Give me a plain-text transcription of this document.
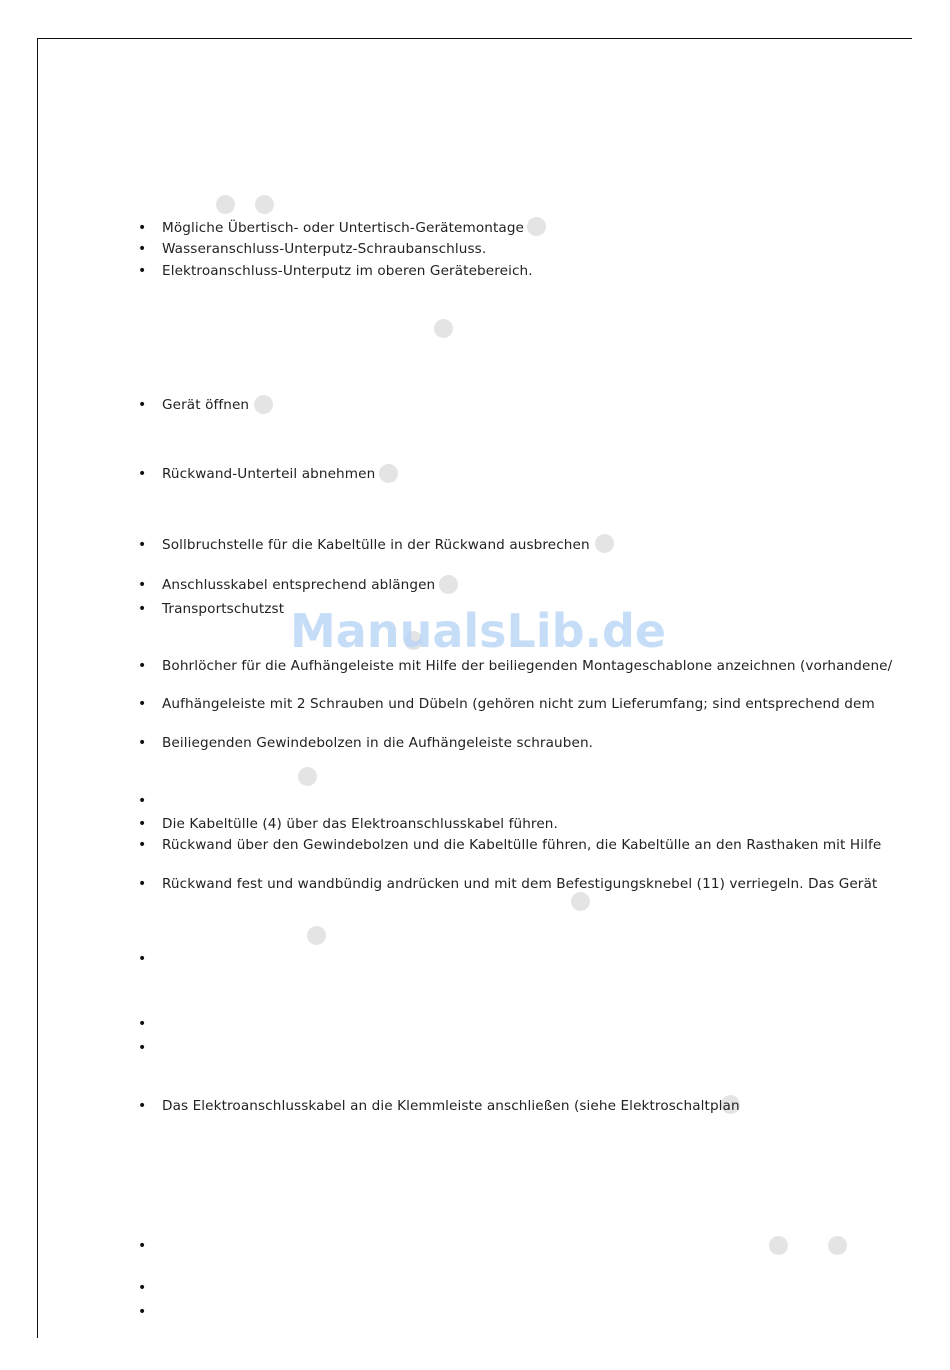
ManualsLib.de
• Mögliche Übertisch- oder Untertisch-Gerätemontage
• Wasseranschluss-Unterputz-Schraubanschluss.
• Elektroanschluss-Unterputz im oberen Gerätebereich.
• Gerät öffnen
• Rückwand-Unterteil abnehmen
• Sollbruchstelle für die Kabeltülle in der Rückwand ausbrechen
• Anschlusskabel entsprechend ablängen
• Transportschutzst
• Bohrlöcher für die Aufhängeleiste mit Hilfe der beiliegenden Montageschablone anzeichnen (vorhandene/
• Aufhängeleiste mit 2 Schrauben und Dübeln (gehören nicht zum Lieferumfang; sind entsprechend dem
• Beiliegenden Gewindebolzen in die Aufhängeleiste schrauben.
•
• Die Kabeltülle (4) über das Elektroanschlusskabel führen.
• Rückwand über den Gewindebolzen und die Kabeltülle führen, die Kabeltülle an den Rasthaken mit Hilfe
• Rückwand fest und wandbündig andrücken und mit dem Befestigungsknebel (11) verriegeln. Das Gerät
•
•
•
• Das Elektroanschlusskabel an die Klemmleiste anschließen (siehe Elektroschaltplan
•
•
•
